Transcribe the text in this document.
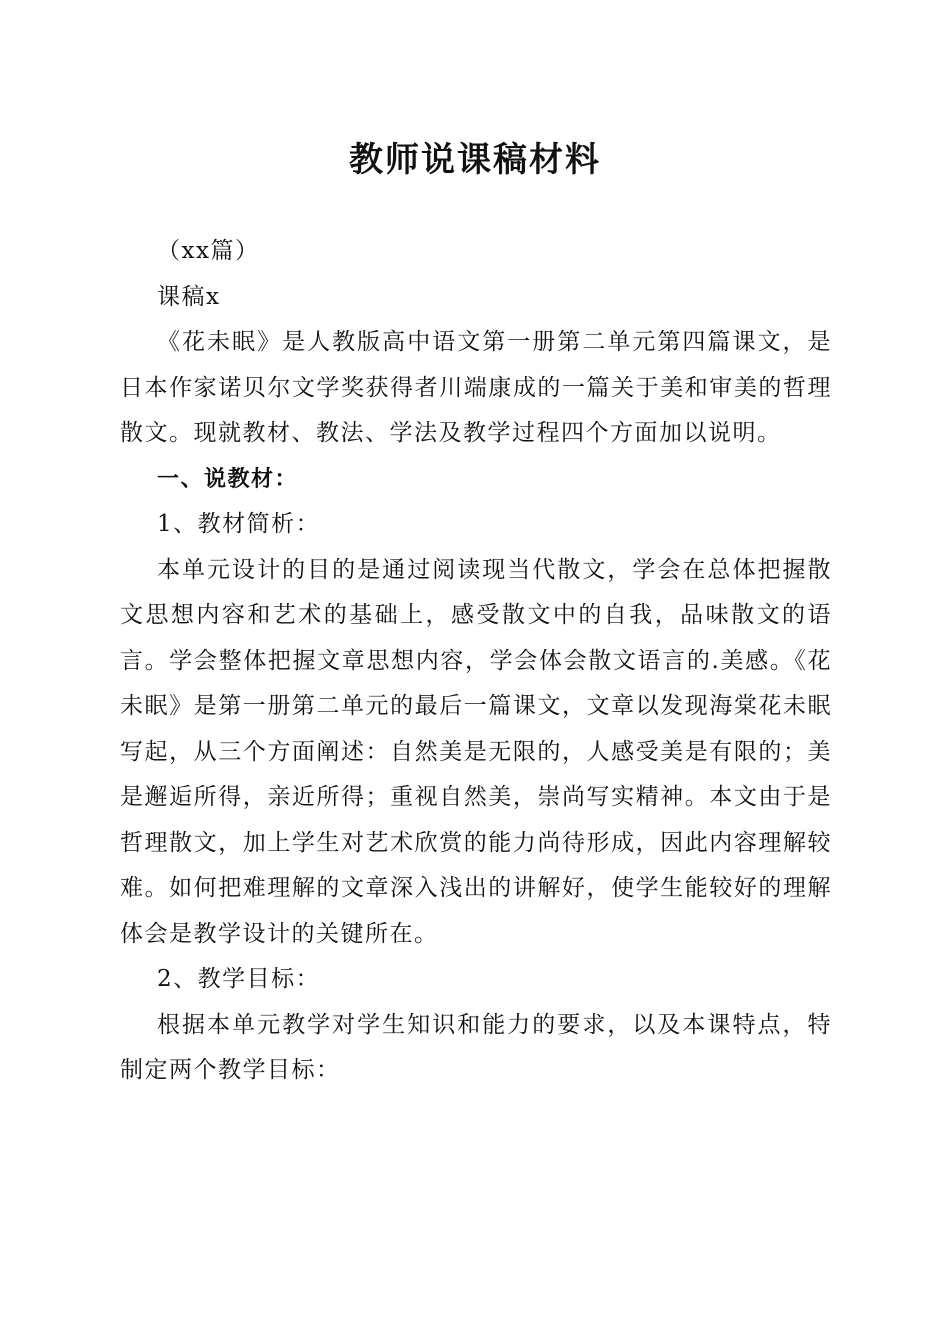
教师说课稿材料

（xx篇）

课稿x

《花未眠》是人教版高中语文第一册第二单元第四篇课文，是日本作家诺贝尔文学奖获得者川端康成的一篇关于美和审美的哲理散文。现就教材、教法、学法及教学过程四个方面加以说明。

一、说教材：

1、教材简析：

本单元设计的目的是通过阅读现当代散文，学会在总体把握散文思想内容和艺术的基础上，感受散文中的自我，品味散文的语言。学会整体把握文章思想内容，学会体会散文语言的.美感。《花未眠》是第一册第二单元的最后一篇课文，文章以发现海棠花未眠写起，从三个方面阐述：自然美是无限的，人感受美是有限的；美是邂逅所得，亲近所得；重视自然美，崇尚写实精神。本文由于是哲理散文，加上学生对艺术欣赏的能力尚待形成，因此内容理解较难。如何把难理解的文章深入浅出的讲解好，使学生能较好的理解体会是教学设计的关键所在。

2、教学目标：

根据本单元教学对学生知识和能力的要求，以及本课特点，特制定两个教学目标：
